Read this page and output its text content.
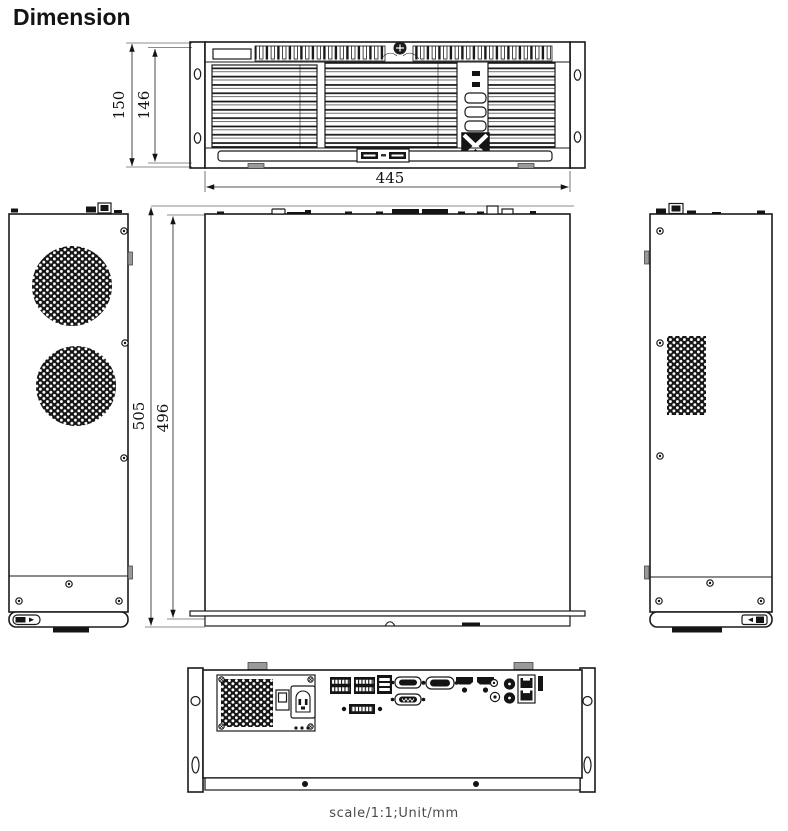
Dimension
150 146
445
505 496
scale/1:1;Unit/mm
